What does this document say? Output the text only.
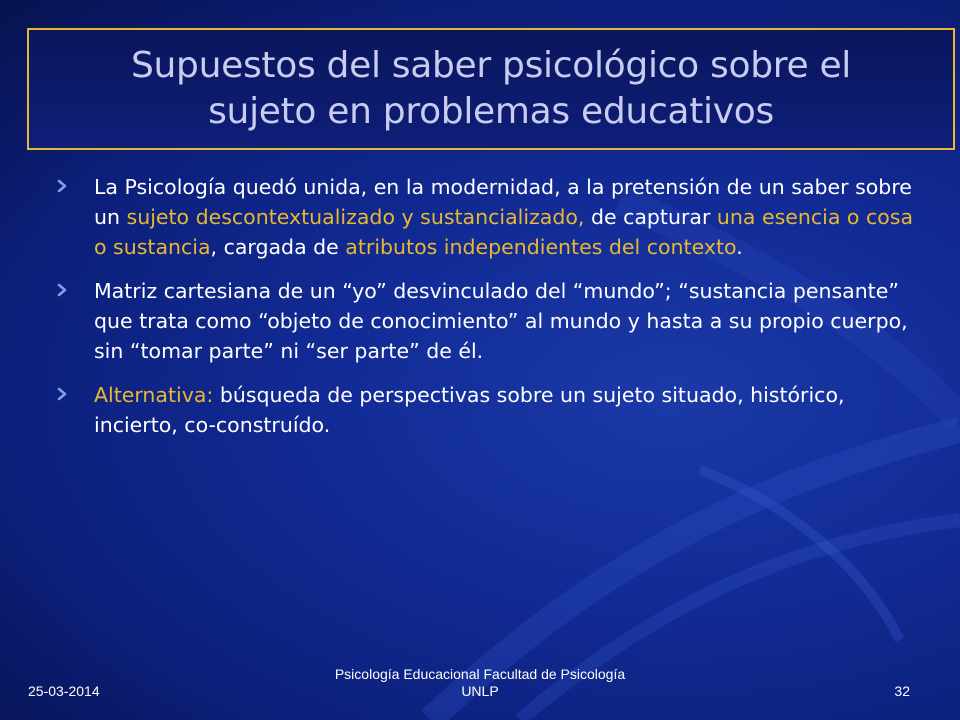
Supuestos del saber psicológico sobre el
sujeto en problemas educativos
La Psicología quedó unida, en la modernidad, a la pretensión de un saber sobre un sujeto descontextualizado y sustancializado, de capturar una esencia o cosa o sustancia, cargada de atributos independientes del contexto.
Matriz cartesiana de un “yo” desvinculado del “mundo”; “sustancia pensante” que trata como “objeto de conocimiento” al mundo y hasta a su propio cuerpo, sin “tomar parte” ni “ser parte” de él.
Alternativa: búsqueda de perspectivas sobre un sujeto situado, histórico, incierto, co-construído.
25-03-2014
Psicología Educacional Facultad de Psicología
UNLP	32
